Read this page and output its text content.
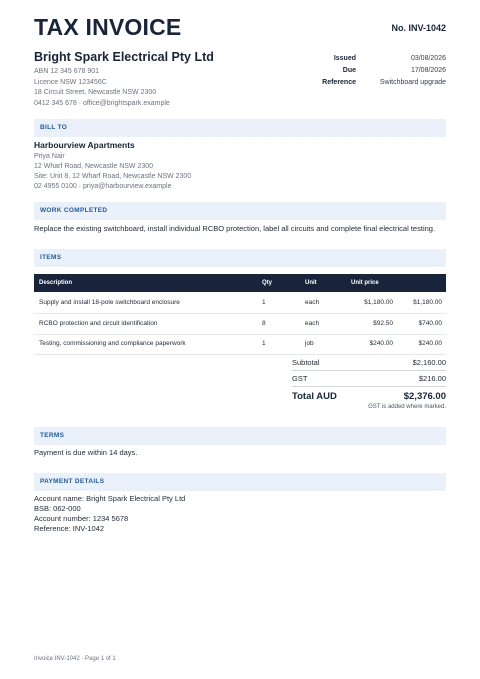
TAX INVOICE	No. INV-1042
Bright Spark Electrical Pty Ltd
ABN 12 345 678 901
Licence NSW 123456C
18 Circuit Street, Newcastle NSW 2300
0412 345 678 · office@brightspark.example
Issued	03/08/2026
Due	17/08/2026
Reference	Switchboard upgrade
BILL TO
Harbourview Apartments
Priya Nair
12 Wharf Road, Newcastle NSW 2300
Site: Unit 8, 12 Wharf Road, Newcastle NSW 2300
02 4955 0100 · priya@harbourview.example
WORK COMPLETED
Replace the existing switchboard, install individual RCBO protection, label all circuits and complete final electrical testing.
ITEMS
Description	Qty	Unit	Unit price
Supply and install 18-pole switchboard enclosure	1	each	$1,180.00	$1,180.00
RCBO protection and circuit identification	8	each	$92.50	$740.00
Testing, commissioning and compliance paperwork	1	job	$240.00	$240.00
Subtotal	$2,160.00
GST	$216.00
Total AUD	$2,376.00
GST is added where marked.
TERMS
Payment is due within 14 days.
PAYMENT DETAILS
Account name: Bright Spark Electrical Pty Ltd
BSB: 062-000
Account number: 1234 5678
Reference: INV-1042
Invoice INV-1042 · Page 1 of 1
